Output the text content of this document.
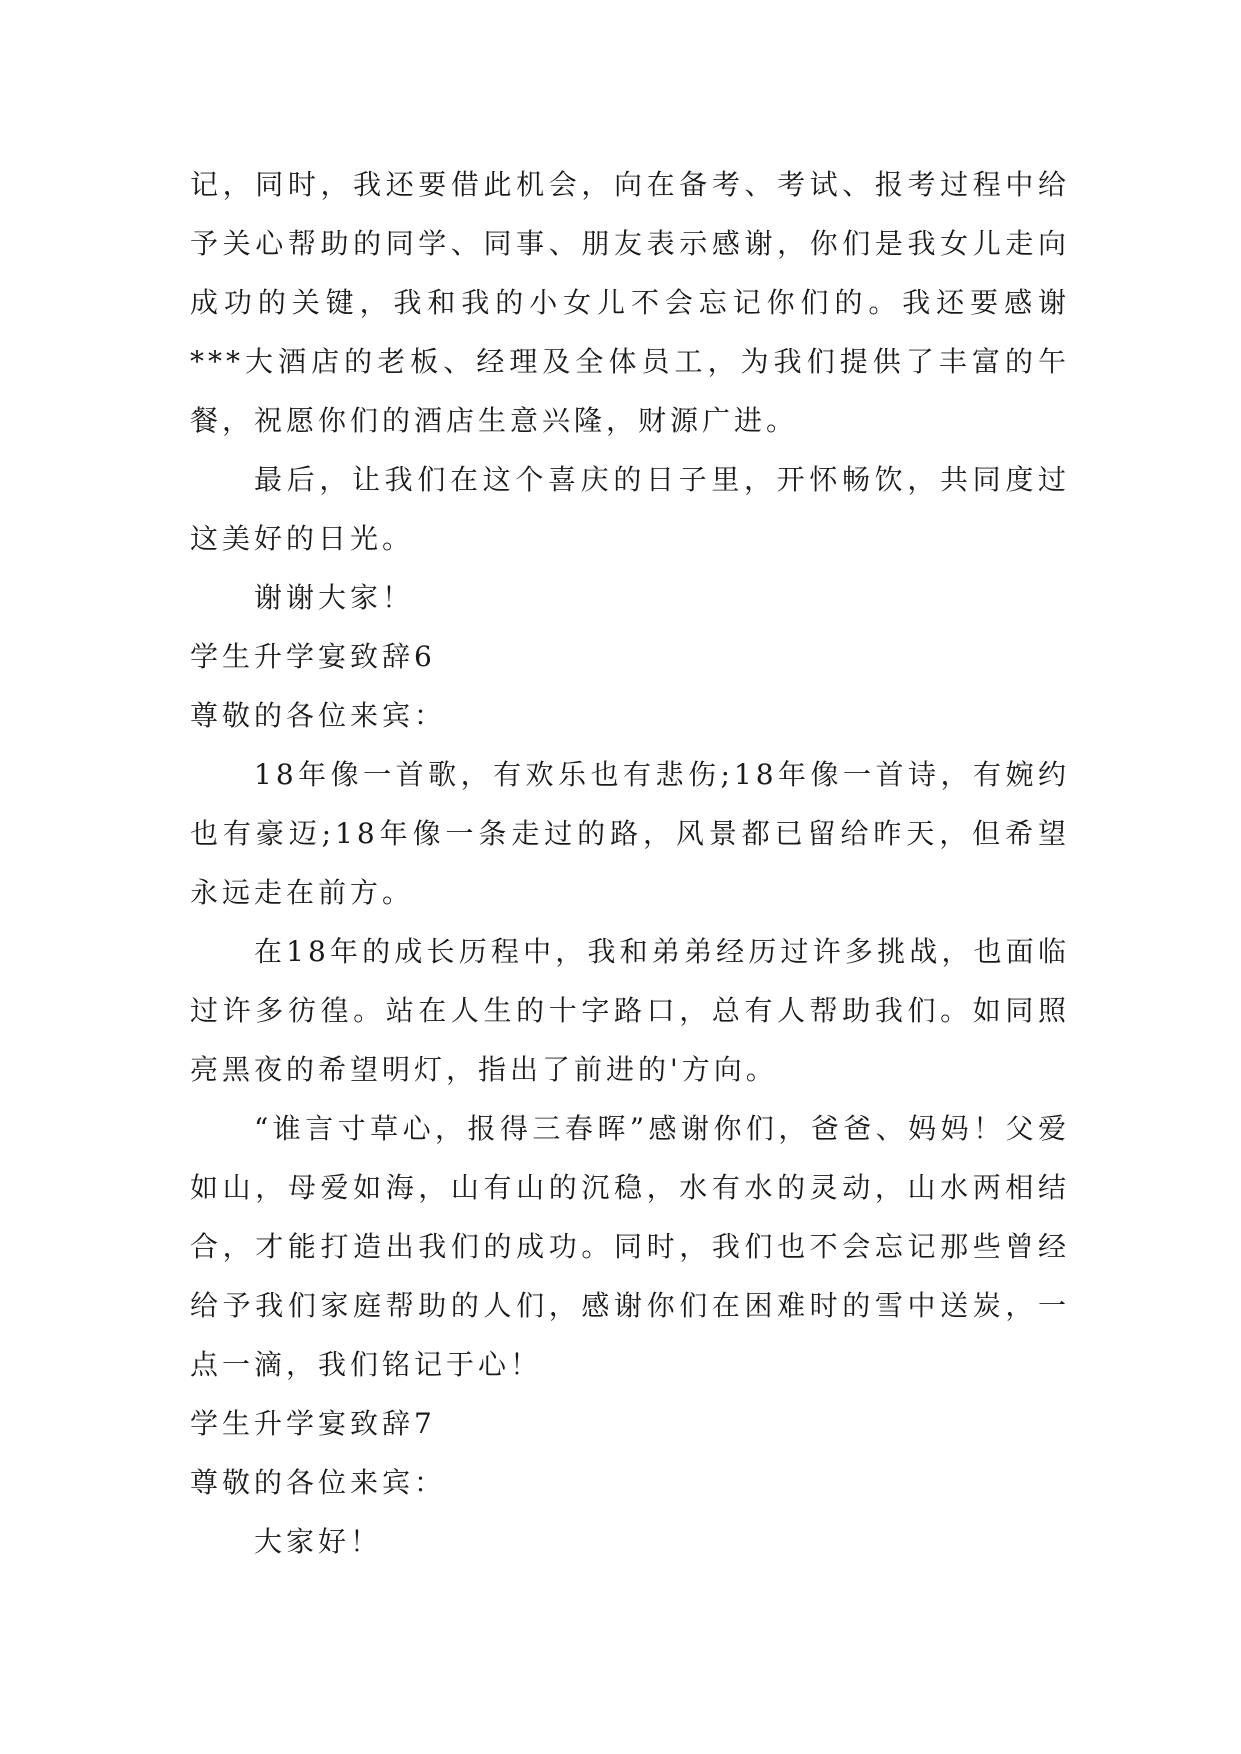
记，同时，我还要借此机会，向在备考、考试、报考过程中给予关心帮助的同学、同事、朋友表示感谢，你们是我女儿走向成功的关键，我和我的小女儿不会忘记你们的。我还要感谢***大酒店的老板、经理及全体员工，为我们提供了丰富的午餐，祝愿你们的酒店生意兴隆，财源广进。

最后，让我们在这个喜庆的日子里，开怀畅饮，共同度过这美好的日光。

谢谢大家！

学生升学宴致辞6

尊敬的各位来宾：

18年像一首歌，有欢乐也有悲伤;18年像一首诗，有婉约也有豪迈;18年像一条走过的路，风景都已留给昨天，但希望永远走在前方。

在18年的成长历程中，我和弟弟经历过许多挑战，也面临过许多彷徨。站在人生的十字路口，总有人帮助我们。如同照亮黑夜的希望明灯，指出了前进的'方向。

“谁言寸草心，报得三春晖”感谢你们，爸爸、妈妈！父爱如山，母爱如海，山有山的沉稳，水有水的灵动，山水两相结合，才能打造出我们的成功。同时，我们也不会忘记那些曾经给予我们家庭帮助的人们，感谢你们在困难时的雪中送炭，一点一滴，我们铭记于心！

学生升学宴致辞7

尊敬的各位来宾：

大家好！
